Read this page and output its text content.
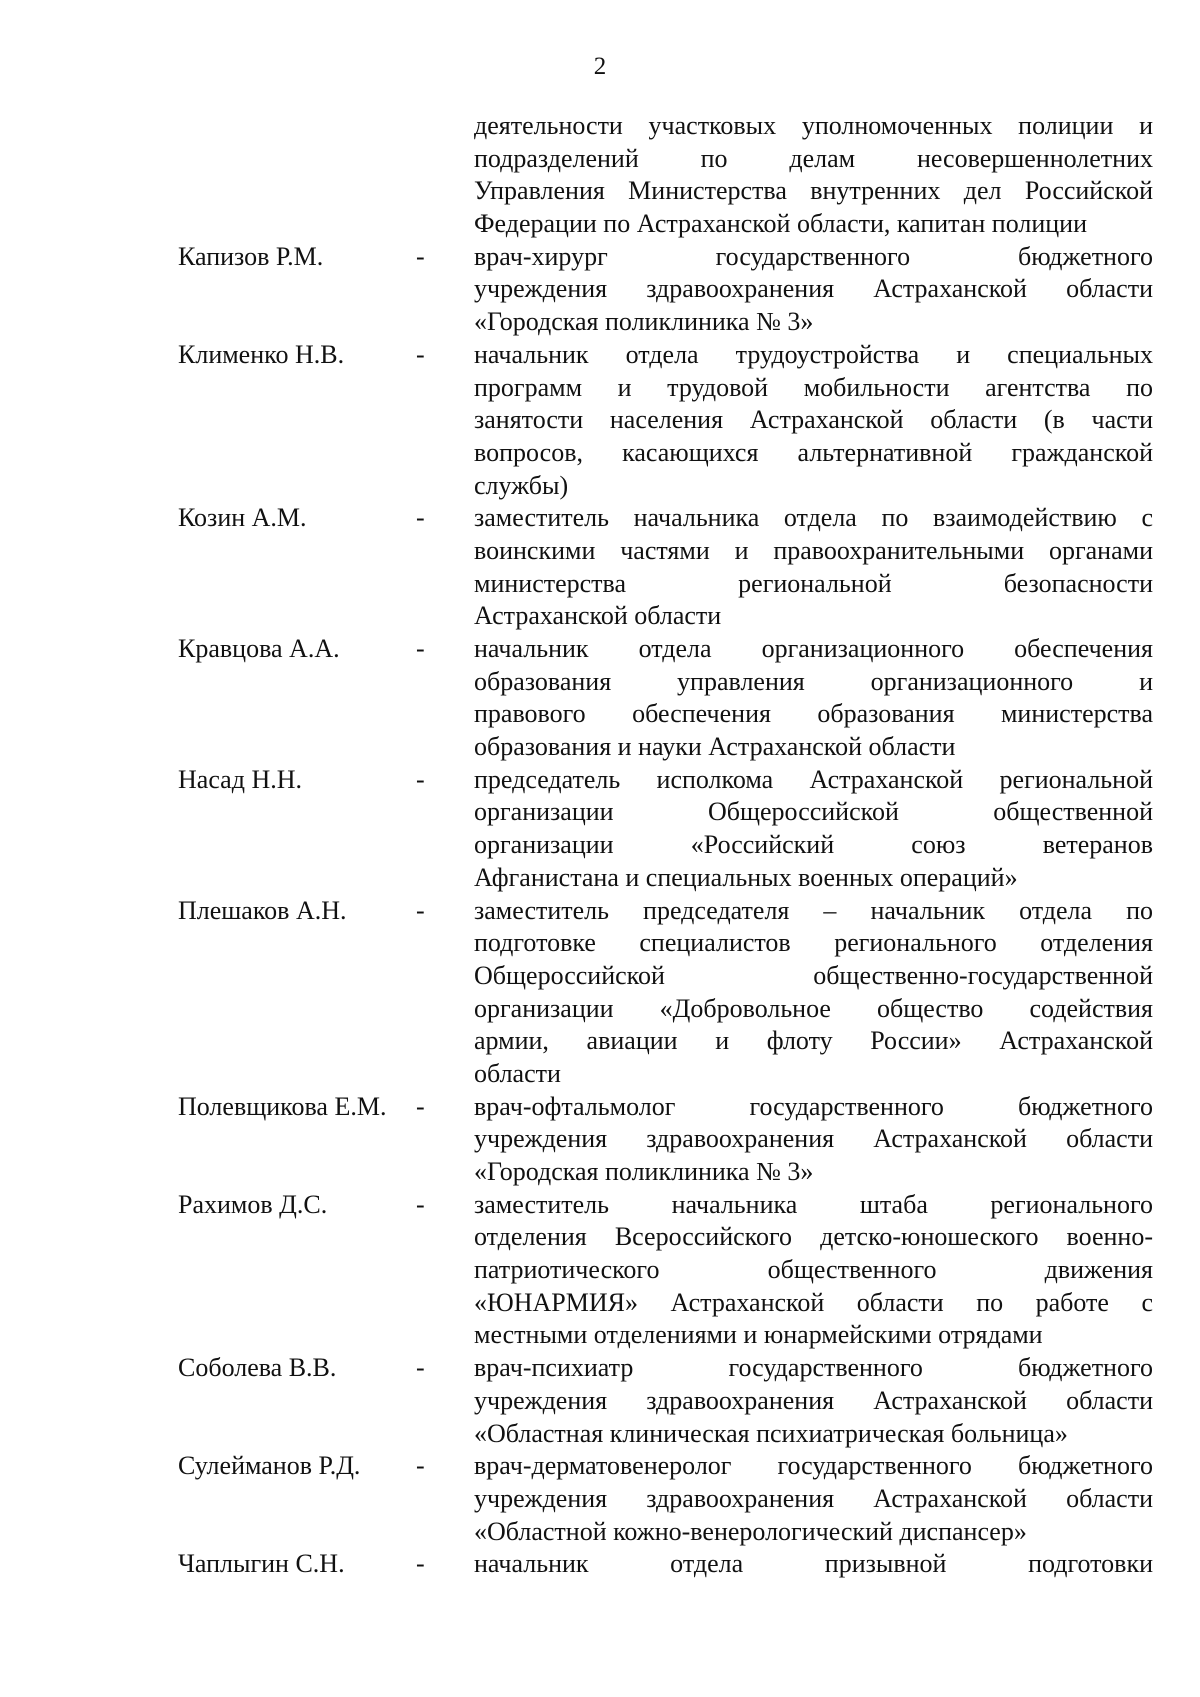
2
деятельности участковых уполномоченных полиции и
подразделений по делам несовершеннолетних
Управления Министерства внутренних дел Российской
Федерации по Астраханской области, капитан полиции
Капизов Р.М.	-	врач-хирург государственного бюджетного
учреждения здравоохранения Астраханской области
«Городская поликлиника № 3»
Клименко Н.В.	-	начальник отдела трудоустройства и специальных
программ и трудовой мобильности агентства по
занятости населения Астраханской области (в части
вопросов, касающихся альтернативной гражданской
службы)
Козин А.М.	-	заместитель начальника отдела по взаимодействию с
воинскими частями и правоохранительными органами
министерства региональной безопасности
Астраханской области
Кравцова А.А.	-	начальник отдела организационного обеспечения
образования управления организационного и
правового обеспечения образования министерства
образования и науки Астраханской области
Насад Н.Н.	-	председатель исполкома Астраханской региональной
организации Общероссийской общественной
организации «Российский союз ветеранов
Афганистана и специальных военных операций»
Плешаков А.Н.	-	заместитель председателя – начальник отдела по
подготовке специалистов регионального отделения
Общероссийской общественно-государственной
организации «Добровольное общество содействия
армии, авиации и флоту России» Астраханской
области
Полевщикова Е.М.	-	врач-офтальмолог государственного бюджетного
учреждения здравоохранения Астраханской области
«Городская поликлиника № 3»
Рахимов Д.С.	-	заместитель начальника штаба регионального
отделения Всероссийского детско-юношеского военно-
патриотического общественного движения
«ЮНАРМИЯ» Астраханской области по работе с
местными отделениями и юнармейскими отрядами
Соболева В.В.	-	врач-психиатр государственного бюджетного
учреждения здравоохранения Астраханской области
«Областная клиническая психиатрическая больница»
Сулейманов Р.Д.	-	врач-дерматовенеролог государственного бюджетного
учреждения здравоохранения Астраханской области
«Областной кожно-венерологический диспансер»
Чаплыгин С.Н.	-	начальник отдела призывной подготовки
